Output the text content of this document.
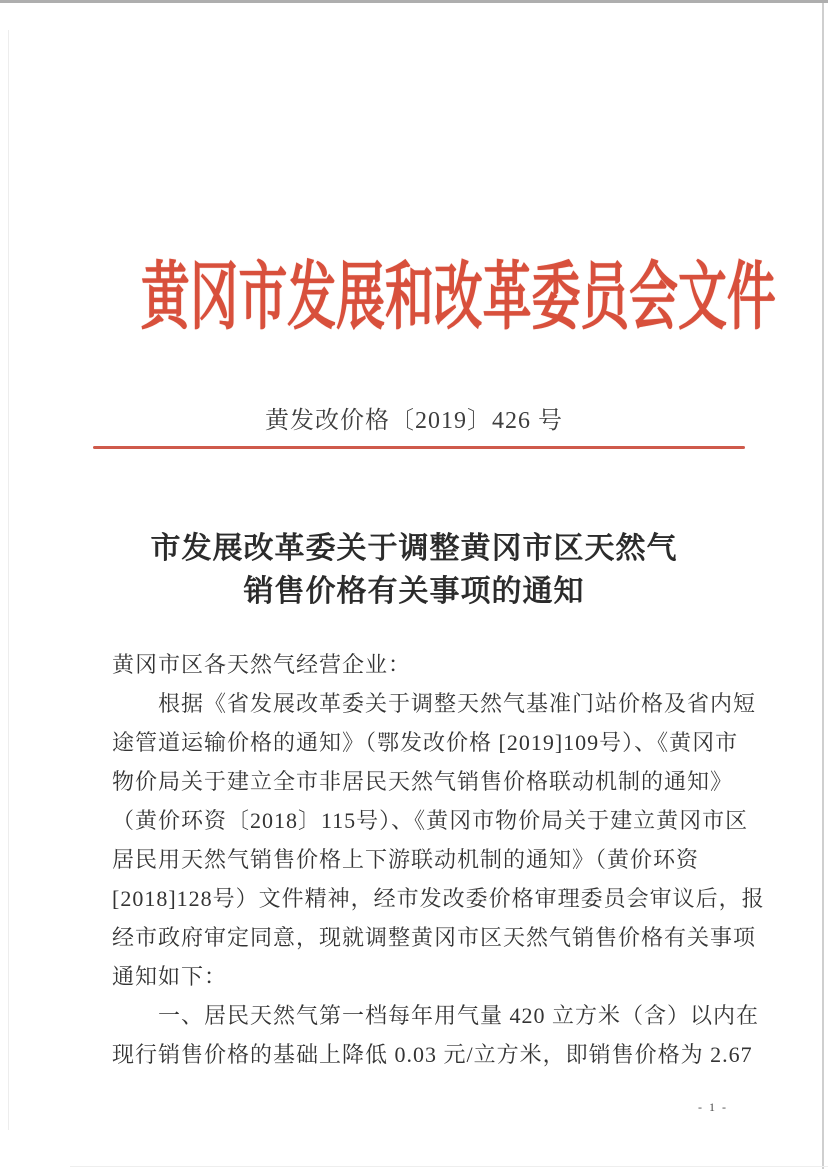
黄冈市发展和改革委员会文件
黄发改价格〔2019〕426 号
市发展改革委关于调整黄冈市区天然气
销售价格有关事项的通知

黄冈市区各天然气经营企业：

　　根据《省发展改革委关于调整天然气基准门站价格及省内短

途管道运输价格的通知》（鄂发改价格 [2019]109号）、《黄冈市

物价局关于建立全市非居民天然气销售价格联动机制的通知》

（黄价环资〔2018〕115号）、《黄冈市物价局关于建立黄冈市区

居民用天然气销售价格上下游联动机制的通知》（黄价环资

[2018]128号）文件精神，经市发改委价格审理委员会审议后，报

经市政府审定同意，现就调整黄冈市区天然气销售价格有关事项

通知如下：

　　一、居民天然气第一档每年用气量 420 立方米（含）以内在

现行销售价格的基础上降低 0.03 元/立方米，即销售价格为 2.67

- 1 -
